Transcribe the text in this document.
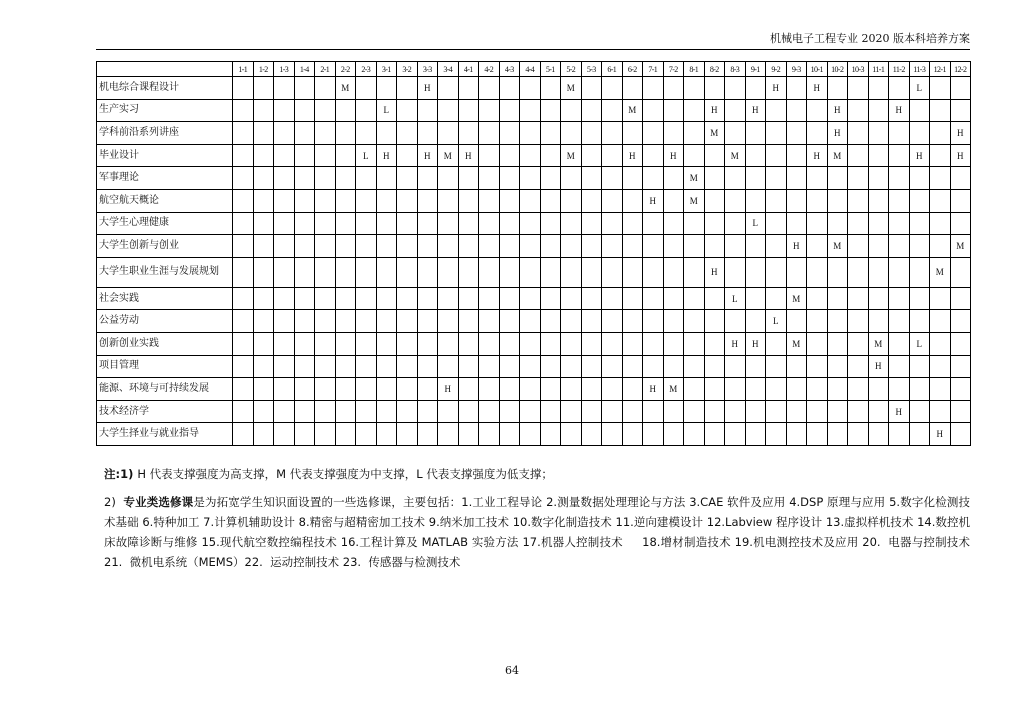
机械电子工程专业 2020 版本科培养方案
	1-1	1-2	1-3	1-4	2-1	2-2	2-3	3-1	3-2	3-3	3-4	4-1	4-2	4-3	4-4	5-1	5-2	5-3	6-1	6-2	7-1	7-2	8-1	8-2	8-3	9-1	9-2	9-3	10-1	10-2	10-3	11-1	11-2	11-3	12-1	12-2
机电综合课程设计						M				H							M										H		H					L		
生产实习								L												M				H		H				H			H			
学科前沿系列讲座																								M						H						H
毕业设计							L	H		H	M	H					M			H		H			M				H	M				H		H
军事理论																							M													
航空航天概论																					H		M													
大学生心理健康																										L										
大学生创新与创业																												H		M						M
大学生职业生涯与发展规划																								H											M	
社会实践																									L			M								
公益劳动																											L									
创新创业实践																									H	H		M				M		L		
项目管理																																H				
能源、环境与可持续发展											H										H	M														
技术经济学																																	H			
大学生择业与就业指导																																			H	
注:1) H 代表支撑强度为高支撑，M 代表支撑强度为中支撑，L 代表支撑强度为低支撑；
2)  专业类选修课是为拓宽学生知识面设置的一些选修课，主要包括：1.工业工程导论 2.测量数据处理理论与方法 3.CAE 软件及应用 4.DSP 原理与应用 5.数字化检测技术基础 6.特种加工 7.计算机辅助设计 8.精密与超精密加工技术 9.纳米加工技术 10.数字化制造技术 11.逆向建模设计 12.Labview 程序设计 13.虚拟样机技术 14.数控机床故障诊断与维修 15.现代航空数控编程技术 16.工程计算及 MATLAB 实验方法 17.机器人控制技术     18.增材制造技术 19.机电测控技术及应用 20.  电器与控制技术 21.  微机电系统（MEMS）22.  运动控制技术 23.  传感器与检测技术
64
